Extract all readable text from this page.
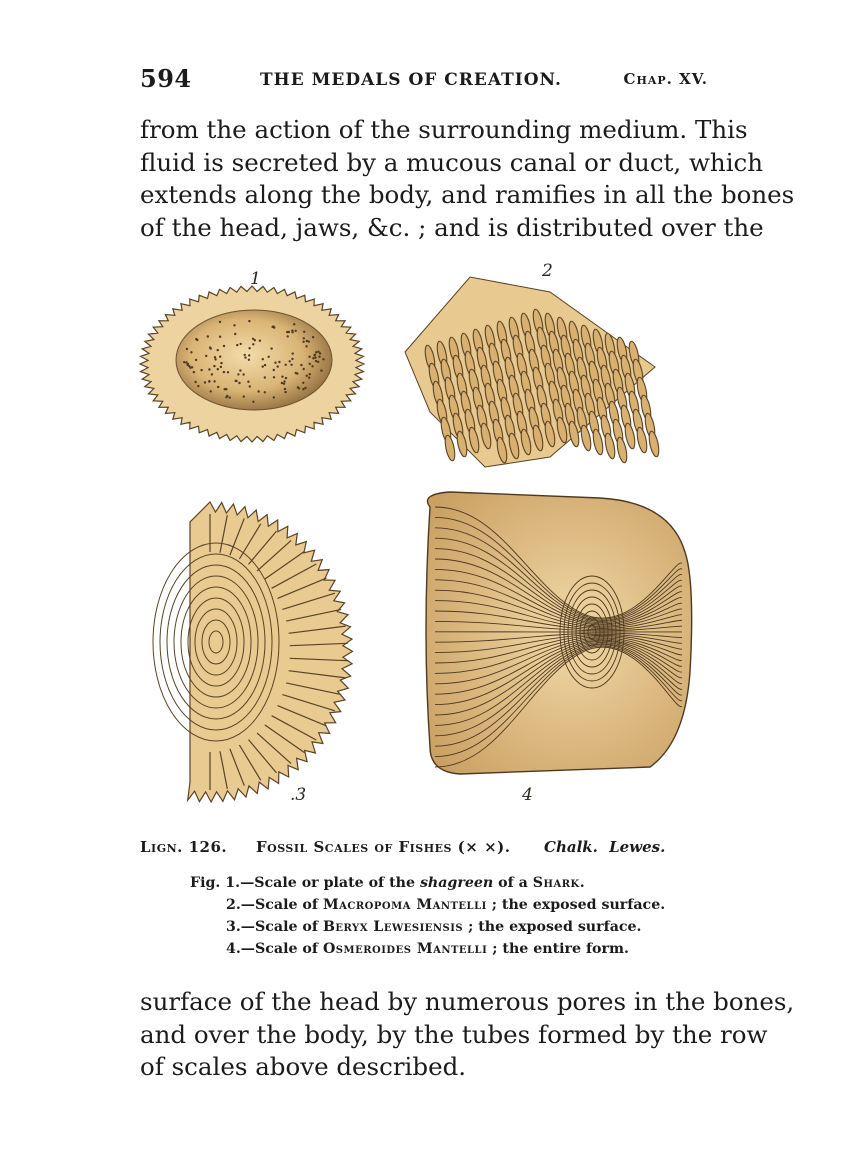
594	THE MEDALS OF CREATION.	Chap. XV.
from the action of the surrounding medium. This
fluid is secreted by a mucous canal or duct, which
extends along the body, and ramifies in all the bones
of the head, jaws, &c. ; and is distributed over the
1	2
.3	4
Lign. 126. Fossil Scales of Fishes (× ×). Chalk. Lewes.
Fig. 1.—Scale or plate of the shagreen of a Shark.
2.—Scale of Macropoma Mantelli ; the exposed surface.
3.—Scale of Beryx Lewesiensis ; the exposed surface.
4.—Scale of Osmeroides Mantelli ; the entire form.
surface of the head by numerous pores in the bones,
and over the body, by the tubes formed by the row
of scales above described.
